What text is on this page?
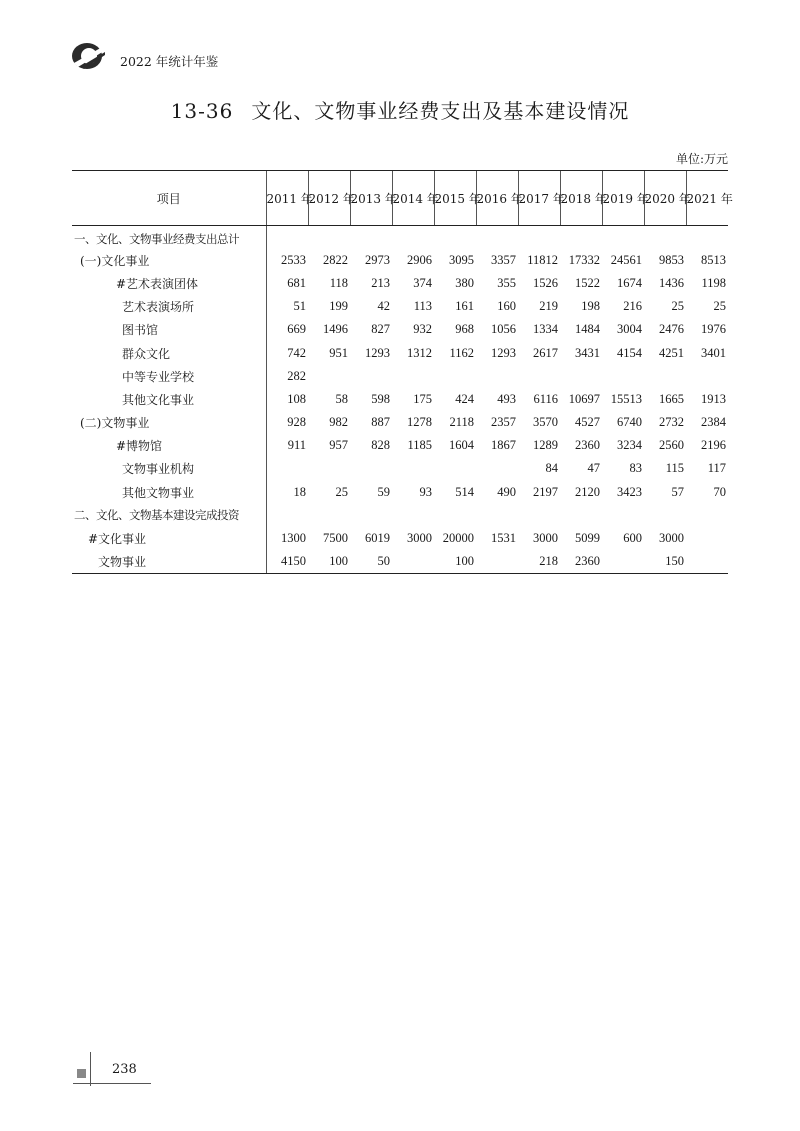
2022 年统计年鉴
13-36 文化、文物事业经费支出及基本建设情况
单位:万元
项目	2011 年	2012 年	2013 年	2014 年	2015 年	2016 年	2017 年	2018 年	2019 年	2020 年	2021 年
一、文化、文物事业经费支出总计											
(一)文化事业	2533	2822	2973	2906	3095	3357	11812	17332	24561	9853	8513
#艺术表演团体	681	118	213	374	380	355	1526	1522	1674	1436	1198
艺术表演场所	51	199	42	113	161	160	219	198	216	25	25
图书馆	669	1496	827	932	968	1056	1334	1484	3004	2476	1976
群众文化	742	951	1293	1312	1162	1293	2617	3431	4154	4251	3401
中等专业学校	282										
其他文化事业	108	58	598	175	424	493	6116	10697	15513	1665	1913
(二)文物事业	928	982	887	1278	2118	2357	3570	4527	6740	2732	2384
#博物馆	911	957	828	1185	1604	1867	1289	2360	3234	2560	2196
文物事业机构							84	47	83	115	117
其他文物事业	18	25	59	93	514	490	2197	2120	3423	57	70
二、文化、文物基本建设完成投资											
#文化事业	1300	7500	6019	3000	20000	1531	3000	5099	600	3000	
文物事业	4150	100	50		100		218	2360		150	
238
